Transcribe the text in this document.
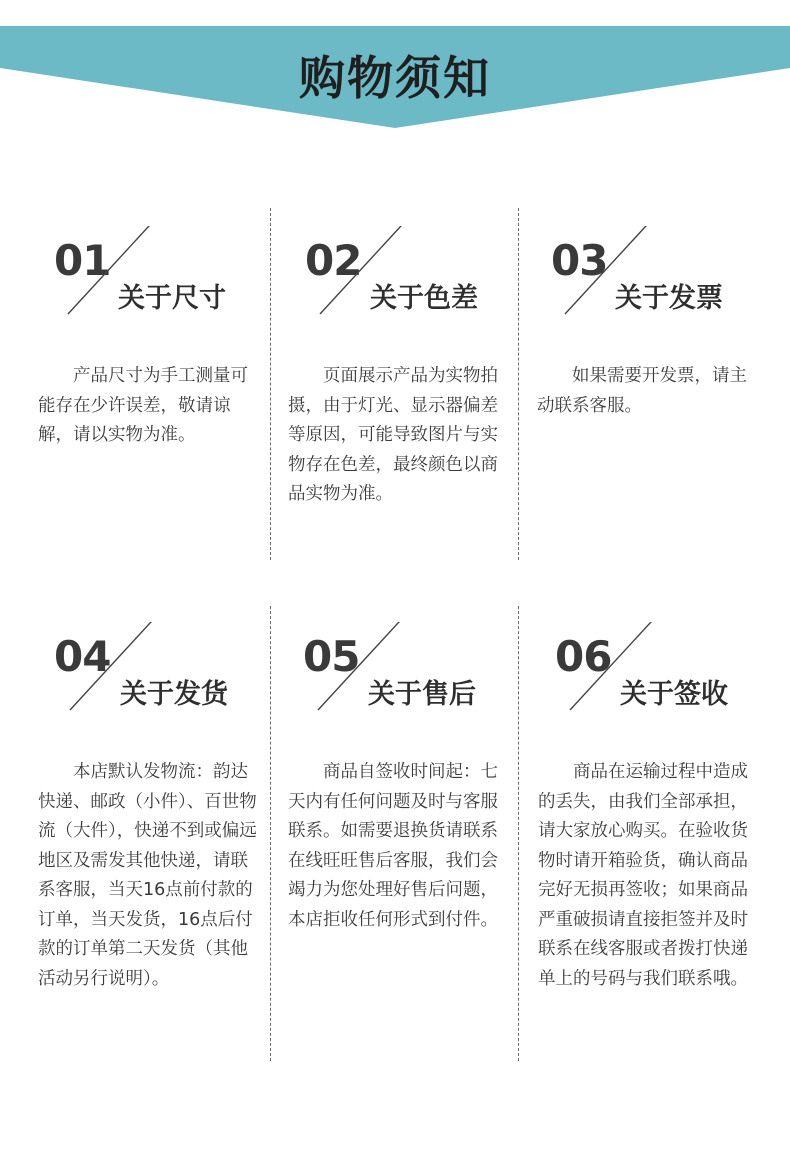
购物须知
01
关于尺寸

产品尺寸为手工测量可能存在少许误差，敬请谅解，请以实物为准。

02
关于色差

页面展示产品为实物拍摄，由于灯光、显示器偏差等原因，可能导致图片与实物存在色差，最终颜色以商品实物为准。

03
关于发票

如果需要开发票，请主动联系客服。

04
关于发货

本店默认发物流：韵达快递、邮政（小件）、百世物流（大件），快递不到或偏远地区及需发其他快递，请联系客服，当天16点前付款的订单，当天发货，16点后付款的订单第二天发货（其他活动另行说明）。

05
关于售后

商品自签收时间起：七天内有任何问题及时与客服联系。如需要退换货请联系在线旺旺售后客服，我们会竭力为您处理好售后问题，本店拒收任何形式到付件。

06
关于签收

商品在运输过程中造成的丢失，由我们全部承担，请大家放心购买。在验收货物时请开箱验货，确认商品完好无损再签收；如果商品严重破损请直接拒签并及时联系在线客服或者拨打快递单上的号码与我们联系哦。
